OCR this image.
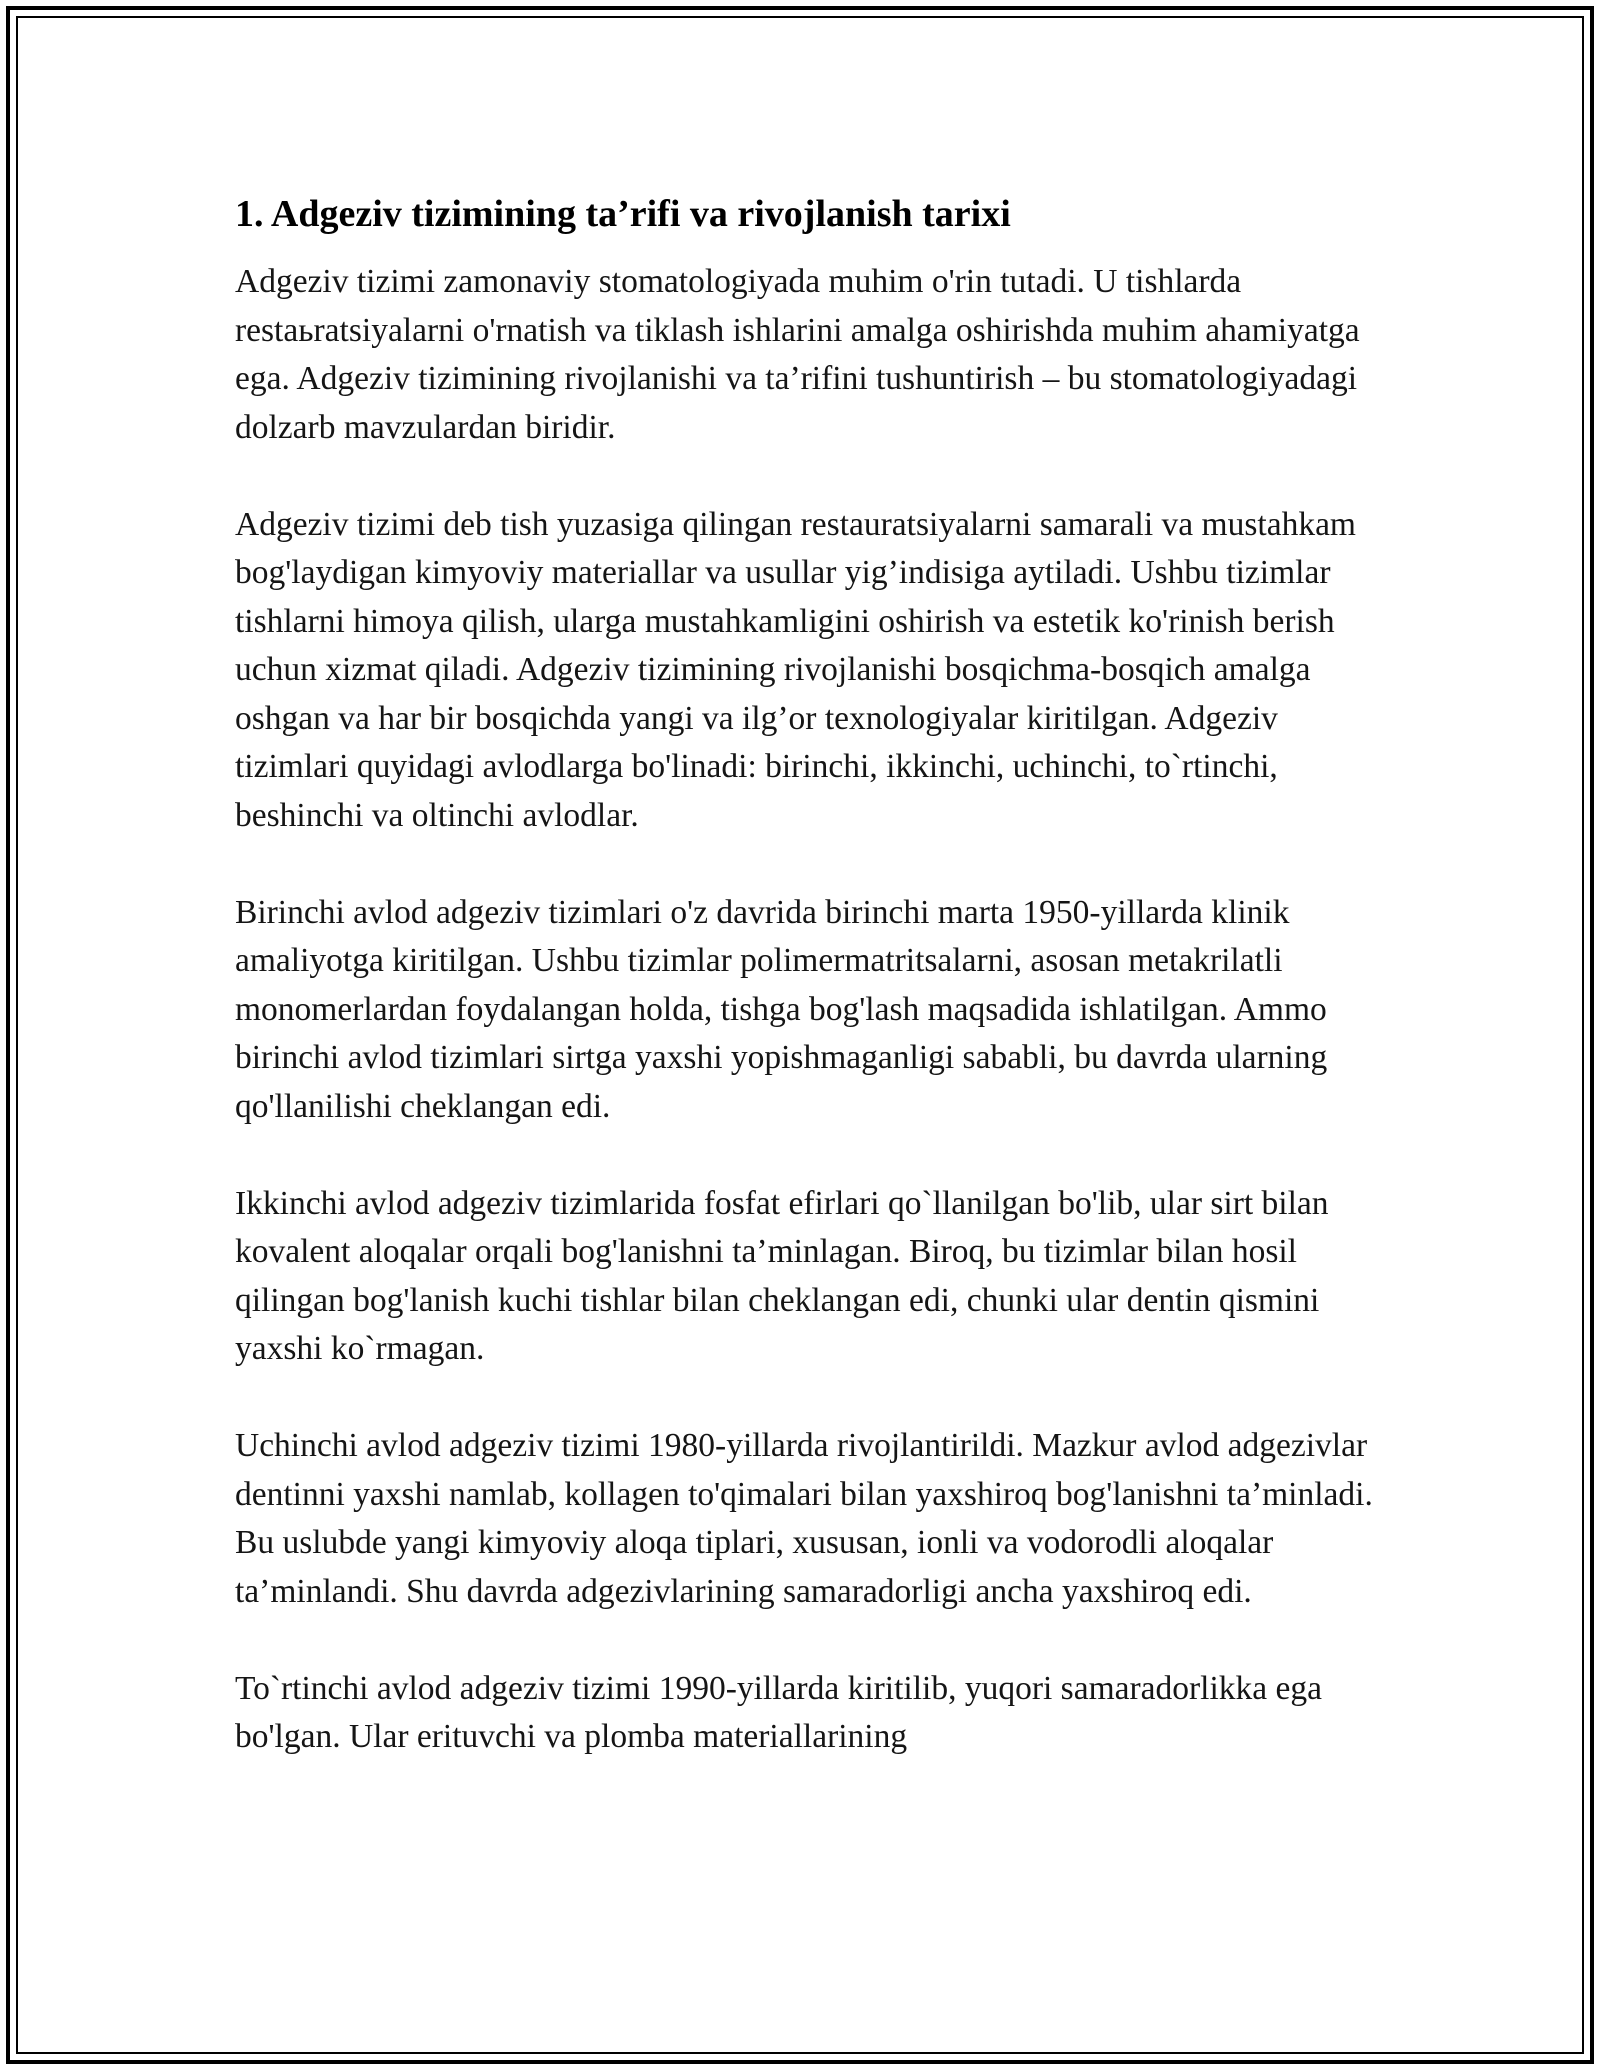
1. Adgeziv tizimining ta’rifi va rivojlanish tarixi

Adgeziv tizimi zamonaviy stomatologiyada muhim o'rin tutadi. U tishlarda restaьratsiyalarni o'rnatish va tiklash ishlarini amalga oshirishda muhim ahamiyatga ega. Adgeziv tizimining rivojlanishi va ta’rifini tushuntirish – bu stomatologiyadagi dolzarb mavzulardan biridir.

Adgeziv tizimi deb tish yuzasiga qilingan restauratsiyalarni samarali va mustahkam bog'laydigan kimyoviy materiallar va usullar yig’indisiga aytiladi. Ushbu tizimlar tishlarni himoya qilish, ularga mustahkamligini oshirish va estetik ko'rinish berish uchun xizmat qiladi. Adgeziv tizimining rivojlanishi bosqichma-bosqich amalga oshgan va har bir bosqichda yangi va ilg’or texnologiyalar kiritilgan. Adgeziv tizimlari quyidagi avlodlarga bo'linadi: birinchi, ikkinchi, uchinchi, to`rtinchi, beshinchi va oltinchi avlodlar.

Birinchi avlod adgeziv tizimlari o'z davrida birinchi marta 1950-yillarda klinik amaliyotga kiritilgan. Ushbu tizimlar polimermatritsalarni, asosan metakrilatli monomerlardan foydalangan holda, tishga bog'lash maqsadida ishlatilgan. Ammo birinchi avlod tizimlari sirtga yaxshi yopishmaganligi sababli, bu davrda ularning qo'llanilishi cheklangan edi.

Ikkinchi avlod adgeziv tizimlarida fosfat efirlari qo`llanilgan bo'lib, ular sirt bilan kovalent aloqalar orqali bog'lanishni ta’minlagan. Biroq, bu tizimlar bilan hosil qilingan bog'lanish kuchi tishlar bilan cheklangan edi, chunki ular dentin qismini yaxshi ko`rmagan.

Uchinchi avlod adgeziv tizimi 1980-yillarda rivojlantirildi. Mazkur avlod adgezivlar dentinni yaxshi namlab, kollagen to'qimalari bilan yaxshiroq bog'lanishni ta’minladi. Bu uslubde yangi kimyoviy aloqa tiplari, xususan, ionli va vodorodli aloqalar ta’minlandi. Shu davrda adgezivlarining samaradorligi ancha yaxshiroq edi.

To`rtinchi avlod adgeziv tizimi 1990-yillarda kiritilib, yuqori samaradorlikka ega bo'lgan. Ular erituvchi va plomba materiallarining
